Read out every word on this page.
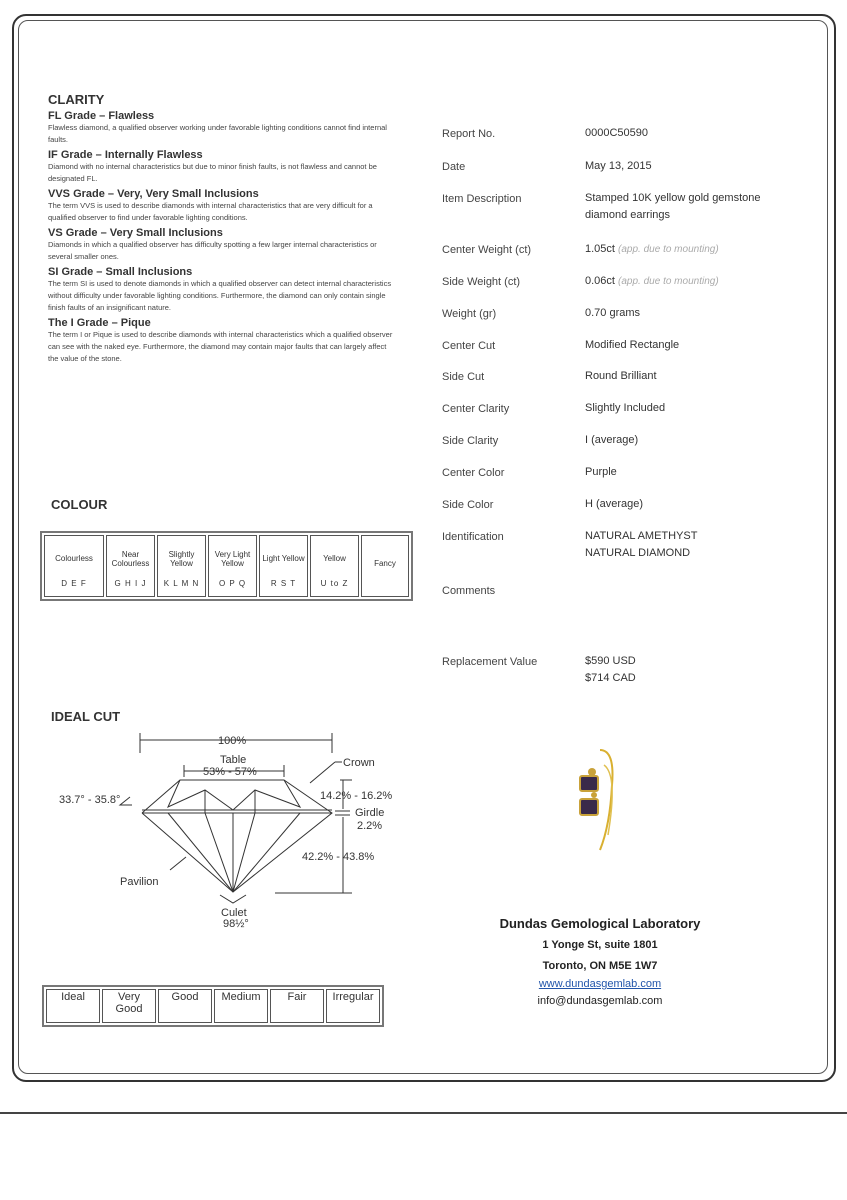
CLARITY
FL Grade – Flawless
Flawless diamond, a qualified observer working under favorable lighting conditions cannot find internal faults.
IF Grade – Internally Flawless
Diamond with no internal characteristics but due to minor finish faults, is not flawless and cannot be designated FL.
VVS Grade – Very, Very Small Inclusions
The term VVS is used to describe diamonds with internal characteristics that are very difficult for a qualified observer to find under favorable lighting conditions.
VS Grade – Very Small Inclusions
Diamonds in which a qualified observer has difficulty spotting a few larger internal characteristics or several smaller ones.
SI Grade – Small Inclusions
The term SI is used to denote diamonds in which a qualified observer can detect internal characteristics without difficulty under favorable lighting conditions. Furthermore, the diamond can only contain single finish faults of an insignificant nature.
The I Grade – Pique
The term I or Pique is used to describe diamonds with internal characteristics which a qualified observer can see with the naked eye. Furthermore, the diamond may contain major faults that can largely affect the value of the stone.
COLOUR
Colourless
D E F

Near Colourless
G H I J

Slightly Yellow
K L M N

Very Light Yellow
O P Q

Light Yellow
R S T

Yellow
U to Z

Fancy
IDEAL CUT
100%
Table
53% - 57%
Crown
33.7° - 35.8°	14.2% - 16.2%
Girdle
2.2%
42.2% - 43.8%
Pavilion
Culet
98½°
Ideal	Very Good	Good	Medium	Fair	Irregular
Report No.	0000C50590
Date	May 13, 2015
Item Description	Stamped 10K yellow gold gemstone diamond earrings
Center Weight (ct)	1.05ct (app. due to mounting)
Side Weight (ct)	0.06ct (app. due to mounting)
Weight (gr)	0.70 grams
Center Cut	Modified Rectangle
Side Cut	Round Brilliant
Center Clarity	Slightly Included
Side Clarity	I (average)
Center Color	Purple
Side Color	H (average)
Identification	NATURAL AMETHYST
NATURAL DIAMOND
Comments
Replacement Value	$590 USD
$714 CAD
Dundas Gemological Laboratory
1 Yonge St, suite 1801
Toronto, ON M5E 1W7
www.dundasgemlab.com
info@dundasgemlab.com
